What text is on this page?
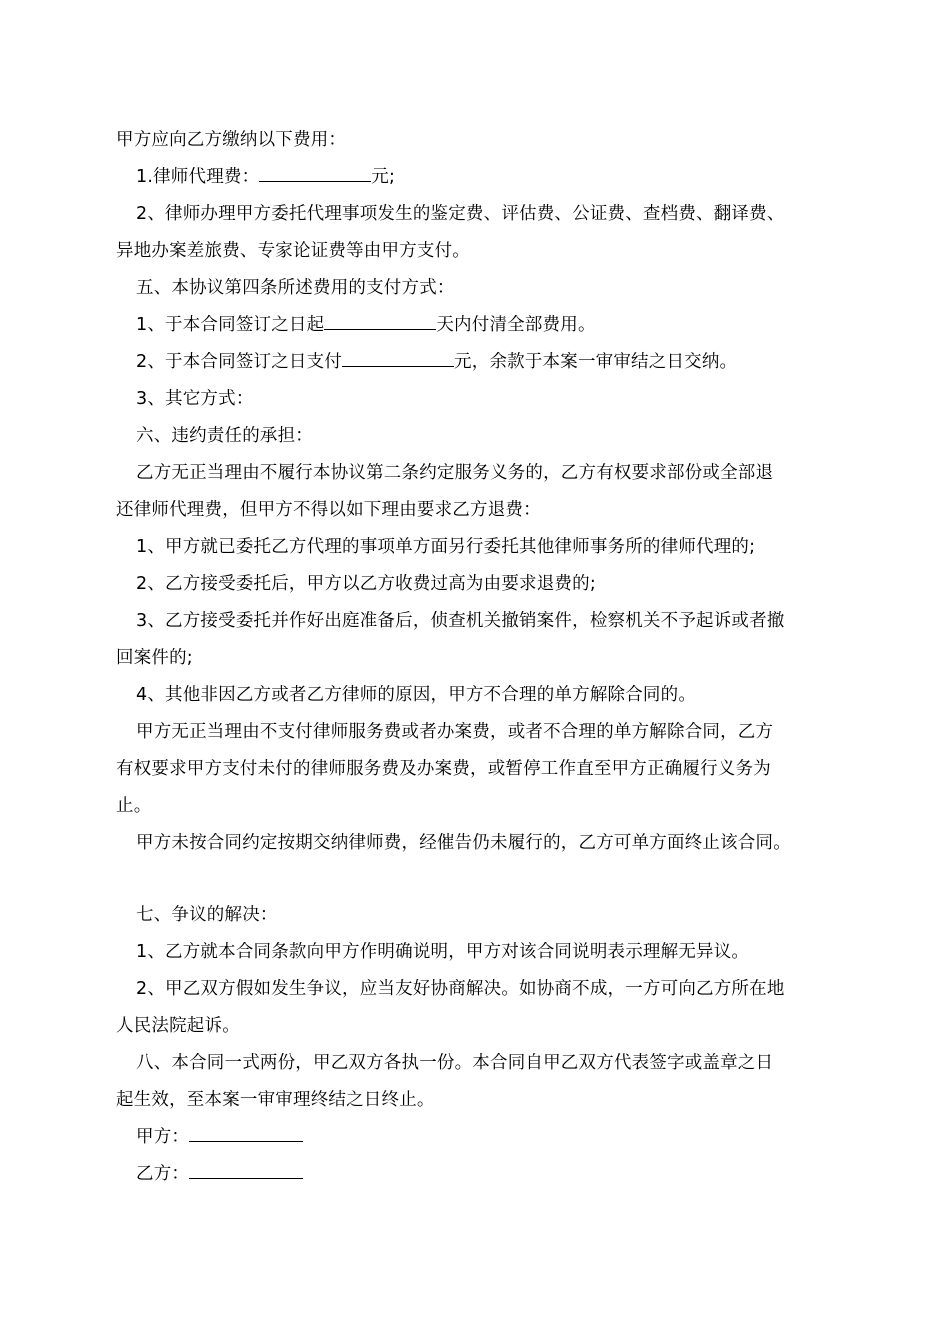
甲方应向乙方缴纳以下费用：
1.律师代理费：	元;
2、律师办理甲方委托代理事项发生的鉴定费、评估费、公证费、查档费、翻译费、
异地办案差旅费、专家论证费等由甲方支付。
五、本协议第四条所述费用的支付方式：
1、于本合同签订之日起	天内付清全部费用。
2、于本合同签订之日支付	元，余款于本案一审审结之日交纳。
3、其它方式：
六、违约责任的承担：
乙方无正当理由不履行本协议第二条约定服务义务的，乙方有权要求部份或全部退
还律师代理费，但甲方不得以如下理由要求乙方退费：
1、甲方就已委托乙方代理的事项单方面另行委托其他律师事务所的律师代理的;
2、乙方接受委托后，甲方以乙方收费过高为由要求退费的;
3、乙方接受委托并作好出庭准备后，侦查机关撤销案件，检察机关不予起诉或者撤
回案件的;
4、其他非因乙方或者乙方律师的原因，甲方不合理的单方解除合同的。
甲方无正当理由不支付律师服务费或者办案费，或者不合理的单方解除合同，乙方
有权要求甲方支付未付的律师服务费及办案费，或暂停工作直至甲方正确履行义务为
止。
甲方未按合同约定按期交纳律师费，经催告仍未履行的，乙方可单方面终止该合同。
七、争议的解决：
1、乙方就本合同条款向甲方作明确说明，甲方对该合同说明表示理解无异议。
2、甲乙双方假如发生争议，应当友好协商解决。如协商不成，一方可向乙方所在地
人民法院起诉。
八、本合同一式两份，甲乙双方各执一份。本合同自甲乙双方代表签字或盖章之日
起生效，至本案一审审理终结之日终止。
甲方：
乙方：
